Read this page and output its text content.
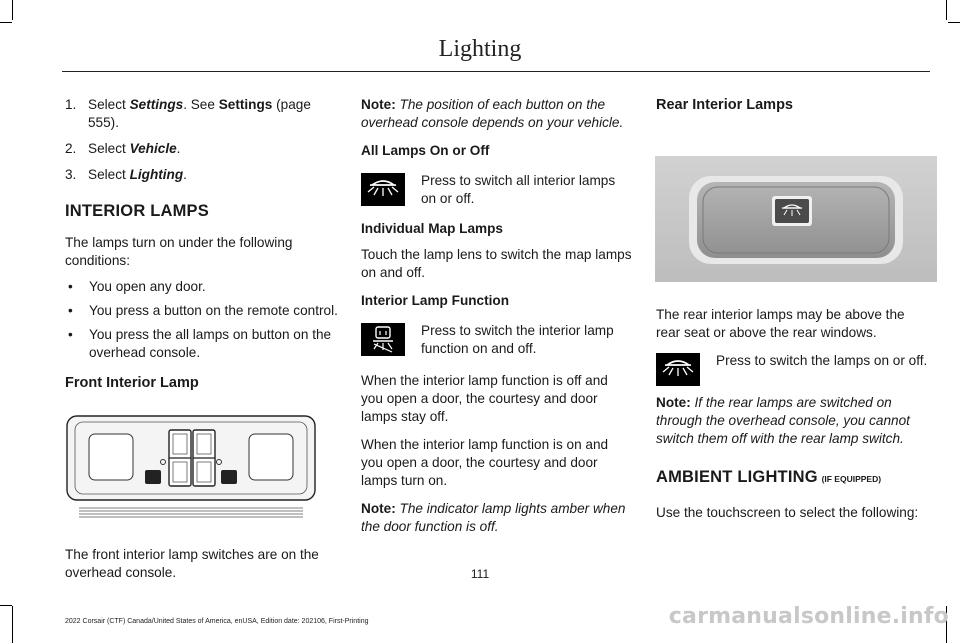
Lighting
1. Select Settings. See Settings (page 555).
2. Select Vehicle.
3. Select Lighting.
INTERIOR LAMPS
The lamps turn on under the following conditions:
•	You open any door.
•	You press a button on the remote control.
•	You press the all lamps on button on the overhead console.
Front Interior Lamp
The front interior lamp switches are on the overhead console.
Note: The position of each button on the overhead console depends on your vehicle.
All Lamps On or Off
Press to switch all interior lamps on or off.
Individual Map Lamps
Touch the lamp lens to switch the map lamps on and off.
Interior Lamp Function
Press to switch the interior lamp function on and off.
When the interior lamp function is off and you open a door, the courtesy and door lamps stay off.
When the interior lamp function is on and you open a door, the courtesy and door lamps turn on.
Note: The indicator lamp lights amber when the door function is off.
Rear Interior Lamps
The rear interior lamps may be above the rear seat or above the rear windows.
Press to switch the lamps on or off.
Note: If the rear lamps are switched on through the overhead console, you cannot switch them off with the rear lamp switch.
AMBIENT LIGHTING (IF EQUIPPED)
Use the touchscreen to select the following:
111
2022 Corsair (CTF) Canada/United States of America, enUSA, Edition date: 202106, First-Printing	carmanualsonline.info
